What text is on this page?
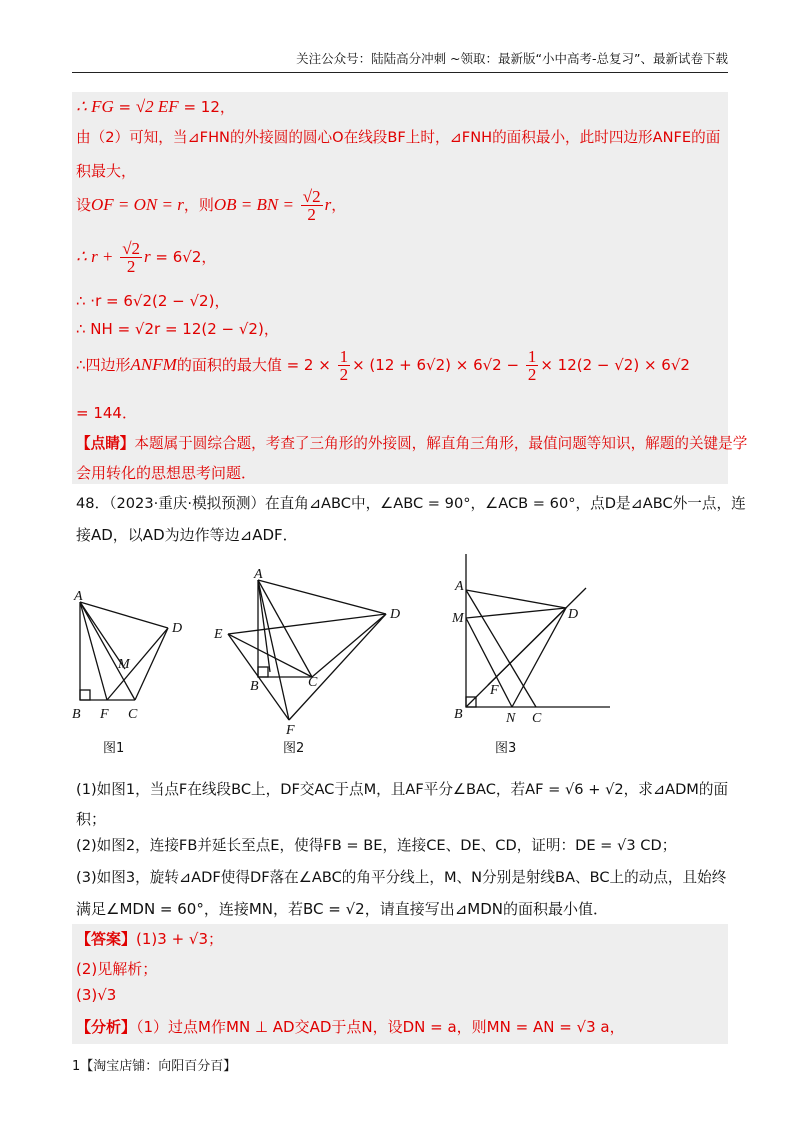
关注公众号：陆陆高分冲刺 ~领取：最新版“小中高考-总复习”、最新试卷下载
∴ FG = √2 EF = 12，
由（2）可知，当⊿FHN的外接圆的圆心O在线段BF上时，⊿FNH的面积最小，此时四边形ANFE的面
积最大，
设OF = ON = r，则OB = BN = $\frac{√2}{2}$ r，
∴ $r + \frac{√2}{2}$ r = 6√2，
∴ ·r = 6√2(2 − √2)，
∴ NH = √2r = 12(2 − √2)，
∴四边形ANFM的面积的最大值 = $2 \times \frac{1}{2} \times (12 + 6√2) \times 6√2 - \frac{1}{2} \times 12(2 - √2) \times 6√2$
= 144．
【点睛】本题属于圆综合题，考查了三角形的外接圆，解直角三角形，最值问题等知识，解题的关键是学
会用转化的思想思考问题．
48．（2023·重庆·模拟预测）在直角⊿ABC中，∠ABC = 90°，∠ACB = 60°，点D是⊿ABC外一点，连
接AD，以AD为边作等边⊿ADF．
A
B F C
D
M
A
E
D
B	C
F
A
M	D
F
B	N C
图1	图2	图3
(1)如图1，当点F在线段BC上，DF交AC于点M，且AF平分∠BAC，若AF = √6 + √2，求⊿ADM的面
积；
(2)如图2，连接FB并延长至点E，使得FB = BE，连接CE、DE、CD，证明：DE = √3 CD；
(3)如图3，旋转⊿ADF使得DF落在∠ABC的角平分线上，M、N分别是射线BA、BC上的动点，且始终
满足∠MDN = 60°，连接MN，若BC = √2，请直接写出⊿MDN的面积最小值．
【答案】(1)3 + √3；
(2)见解析；
(3)√3
【分析】（1）过点M作MN ⊥ AD交AD于点N，设DN = a，则MN = AN = √3 a，
1【淘宝店铺：向阳百分百】
